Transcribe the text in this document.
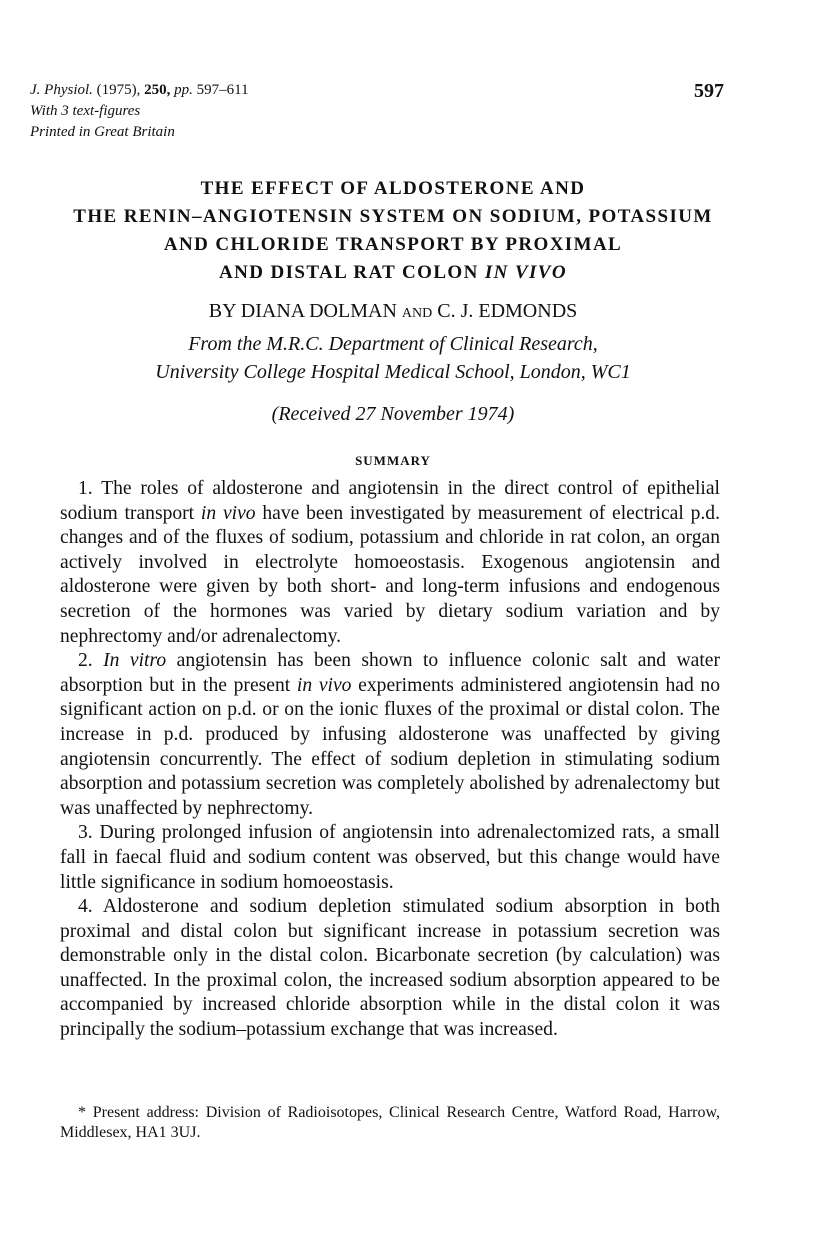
J. Physiol. (1975), 250, pp. 597–611
With 3 text-figures
Printed in Great Britain
597
THE EFFECT OF ALDOSTERONE AND
THE RENIN–ANGIOTENSIN SYSTEM ON SODIUM, POTASSIUM
AND CHLORIDE TRANSPORT BY PROXIMAL
AND DISTAL RAT COLON IN VIVO
BY DIANA DOLMAN AND C. J. EDMONDS
From the M.R.C. Department of Clinical Research,
University College Hospital Medical School, London, WC1
(Received 27 November 1974)
SUMMARY

1. The roles of aldosterone and angiotensin in the direct control of epithelial sodium transport in vivo have been investigated by measurement of electrical p.d. changes and of the fluxes of sodium, potassium and chloride in rat colon, an organ actively involved in electrolyte homoeostasis. Exogenous angiotensin and aldosterone were given by both short- and long-term infusions and endogenous secretion of the hormones was varied by dietary sodium variation and by nephrectomy and/or adrenalectomy.

2. In vitro angiotensin has been shown to influence colonic salt and water absorption but in the present in vivo experiments administered angiotensin had no significant action on p.d. or on the ionic fluxes of the proximal or distal colon. The increase in p.d. produced by infusing aldosterone was unaffected by giving angiotensin concurrently. The effect of sodium depletion in stimulating sodium absorption and potassium secretion was completely abolished by adrenalectomy but was unaffected by nephrectomy.

3. During prolonged infusion of angiotensin into adrenalectomized rats, a small fall in faecal fluid and sodium content was observed, but this change would have little significance in sodium homoeostasis.

4. Aldosterone and sodium depletion stimulated sodium absorption in both proximal and distal colon but significant increase in potassium secretion was demonstrable only in the distal colon. Bicarbonate secretion (by calculation) was unaffected. In the proximal colon, the increased sodium absorption appeared to be accompanied by increased chloride absorption while in the distal colon it was principally the sodium–potassium exchange that was increased.

* Present address: Division of Radioisotopes, Clinical Research Centre, Watford Road, Harrow, Middlesex, HA1 3UJ.
